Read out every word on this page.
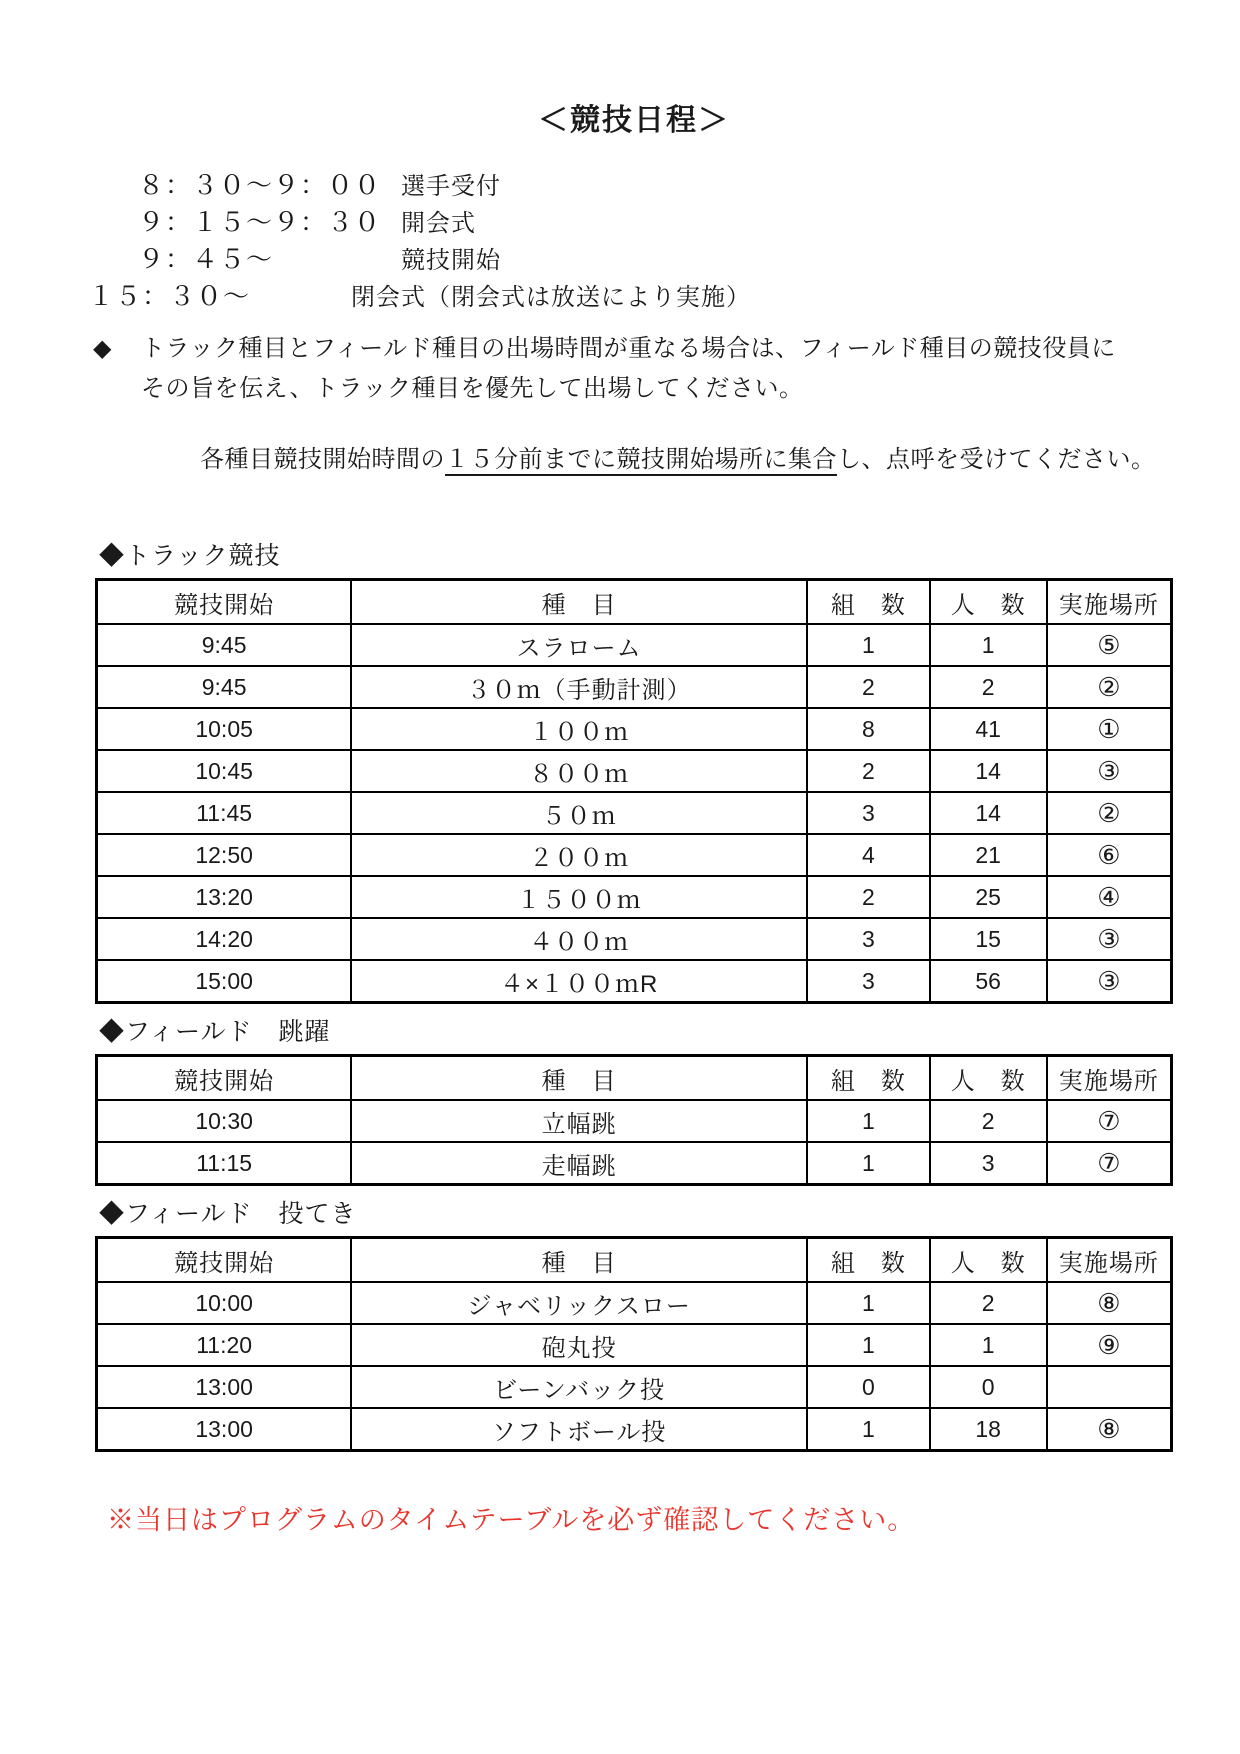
＜競技日程＞
８：３０～９：００ 選手受付
９：１５～９：３０ 開会式
９：４５～	競技開始
１５：３０～	閉会式（閉会式は放送により実施）
◆	トラック種目とフィールド種目の出場時間が重なる場合は、フィールド種目の競技役員に
その旨を伝え、トラック種目を優先して出場してください。
各種目競技開始時間の１５分前までに競技開始場所に集合し、点呼を受けてください。
◆トラック競技
競技開始	種　目	組　数	人　数	実施場所
9:45	スラローム	1	1	⑤
9:45	３０ｍ（手動計測）	2	2	②
10:05	１００ｍ	8	41	①
10:45	８００ｍ	2	14	③
11:45	５０ｍ	3	14	②
12:50	２００ｍ	4	21	⑥
13:20	１５００ｍ	2	25	④
14:20	４００ｍ	3	15	③
15:00	４×１００ｍR	3	56	③
◆フィールド　跳躍
競技開始	種　目	組　数	人　数	実施場所
10:30	立幅跳	1	2	⑦
11:15	走幅跳	1	3	⑦
◆フィールド　投てき
競技開始	種　目	組　数	人　数	実施場所
10:00	ジャベリックスロー	1	2	⑧
11:20	砲丸投	1	1	⑨
13:00	ビーンバック投	0	0	
13:00	ソフトボール投	1	18	⑧
※当日はプログラムのタイムテーブルを必ず確認してください。
